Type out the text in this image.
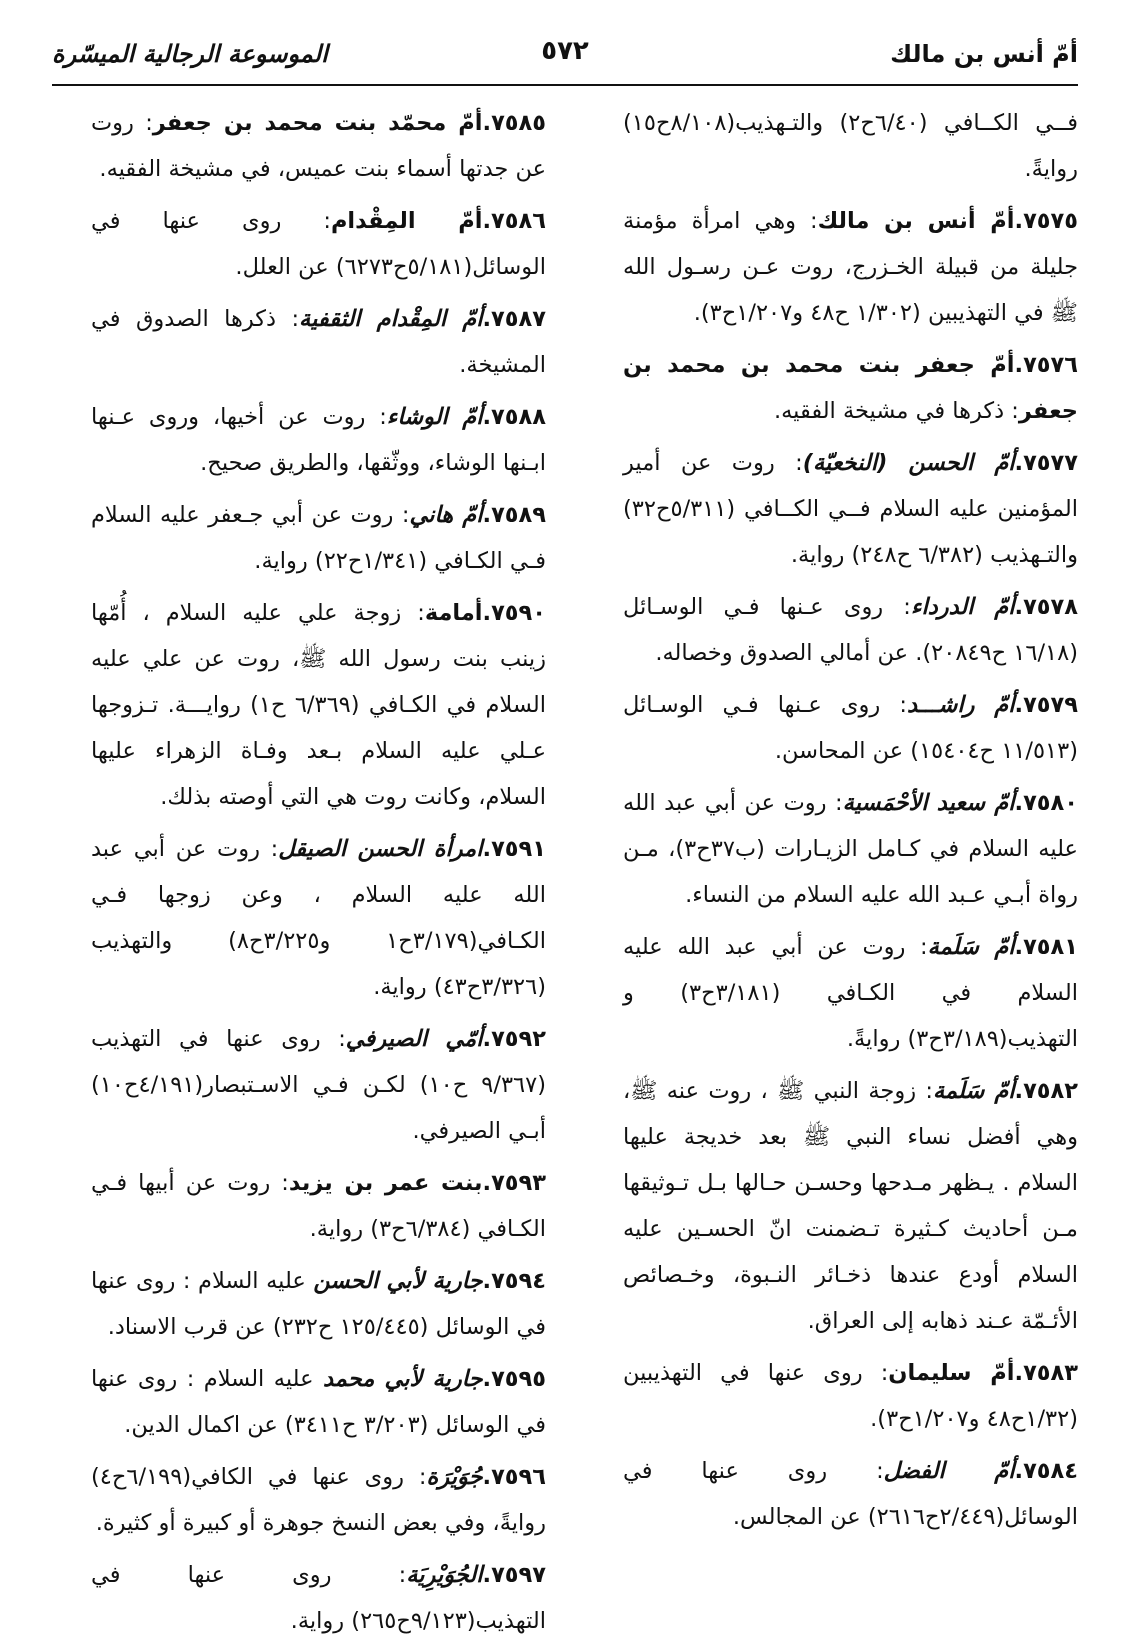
أمّ أنس بن مالك
٥٧٢
الموسوعة الرجالية الميسّرة

فــي الكــافي (٦/٤٠ح٢) والتـهذيب(٨/١٠٨ح١٥) روايةً.

٧٥٧٥.أمّ أنس بن مالك: وهي امرأة مؤمنة جليلة من قبيلة الخـزرج، روت عـن رسـول الله ﷺ في التهذيبين (١/٣٠٢ ح٤٨ و١/٢٠٧ح٣).

٧٥٧٦.أمّ جعفر بنت محمد بن محمد بن جعفر: ذكرها في مشيخة الفقيه.

٧٥٧٧.أمّ الحسن (النخعيّة): روت عن أمير المؤمنين عليه السلام فــي الكــافي (٥/٣١١ح٣٢) والتـهذيب (٦/٣٨٢ ح٢٤٨) رواية.

٧٥٧٨.أمّ الدرداء: روى عـنها فـي الوسـائل (١٦/١٨ ح٢٠٨٤٩). عن أمالي الصدوق وخصاله.

٧٥٧٩.أمّ راشـــد: روى عـنها فـي الوسـائل (١١/٥١٣ ح١٥٤٠٤) عن المحاسن.

٧٥٨٠.أمّ سعيد الأحْمَسية: روت عن أبي عبد الله عليه السلام في كـامل الزيـارات (ب٣٧ح٣)، مـن رواة أبـي عـبد الله عليه السلام من النساء.

٧٥٨١.أمّ سَلَمة: روت عن أبي عبد الله عليه السلام في الكـافي (٣/١٨١ح٣) و التهذيب(٣/١٨٩ح٣) روايةً.

٧٥٨٢.أمّ سَلَمة: زوجة النبي ﷺ ، روت عنه ﷺ، وهي أفضل نساء النبي ﷺ بعد خديجة عليها السلام . يـظهر مـدحها وحسـن حـالها بـل تـوثيقها مـن أحاديث كـثيرة تـضمنت انّ الحسـين عليه السلام أودع عندها ذخـائر النـبوة، وخـصائص الأئـمّة عـند ذهابه إلى العراق.

٧٥٨٣.أمّ سليمان: روى عنها في التهذيبين (١/٣٢ح٤٨ و١/٢٠٧ح٣).

٧٥٨٤.أمّ الفضل: روى عنها في الوسائل(٢/٤٤٩ح٢٦١٦) عن المجالس.

٧٥٨٥.أمّ محمّد بنت محمد بن جعفر: روت عن جدتها أسماء بنت عميس، في مشيخة الفقيه.

٧٥٨٦.أمّ المِقْدام: روى عنها في الوسائل(٥/١٨١ح٦٢٧٣) عن العلل.

٧٥٨٧.أمّ المِقْدام الثقفية: ذكرها الصدوق في المشيخة.

٧٥٨٨.أمّ الوشاء: روت عن أخيها، وروى عـنها ابـنها الوشاء، ووثّقها، والطريق صحيح.

٧٥٨٩.أمّ هاني: روت عن أبي جـعفر عليه السلام فـي الكـافي (١/٣٤١ح٢٢) رواية.

٧٥٩٠.أمامة: زوجة علي عليه السلام ، أُمّها زينب بنت رسول الله ﷺ، روت عن علي عليه السلام في الكـافي (٦/٣٦٩ ح١) روايـــة. تـزوجها عـلي عليه السلام بـعد وفـاة الزهراء عليها السلام، وكانت روت هي التي أوصته بذلك.

٧٥٩١.امرأة الحسن الصيقل: روت عن أبي عبد الله عليه السلام ، وعن زوجها فـي الكـافي(٣/١٧٩ح١ و٣/٢٢٥ح٨) والتهذيب (٣/٣٢٦ح٤٣) رواية.

٧٥٩٢.أمّي الصيرفي: روى عنها في التهذيب (٩/٣٦٧ ح١٠) لكـن فـي الاسـتبصار(٤/١٩١ح١٠) أبـي الصيرفي.

٧٥٩٣.بنت عمر بن يزيد: روت عن أبيها فـي الكـافي (٦/٣٨٤ح٣) رواية.

٧٥٩٤.جارية لأبي الحسن عليه السلام : روى عنها في الوسائل (١٢٥/٤٤٥ ح٢٣٢) عن قرب الاسناد.

٧٥٩٥.جارية لأبي محمد عليه السلام : روى عنها في الوسائل (٣/٢٠٣ ح٣٤١١) عن اكمال الدين.

٧٥٩٦.جُوَيْرَة: روى عنها في الكافي(٦/١٩٩ح٤) روايةً، وفي بعض النسخ جوهرة أو كبيرة أو كثيرة.

٧٥٩٧.الجُوَيْرِيَة: روى عنها في التهذيب(٩/١٢٣ح٢٦٥) رواية.
